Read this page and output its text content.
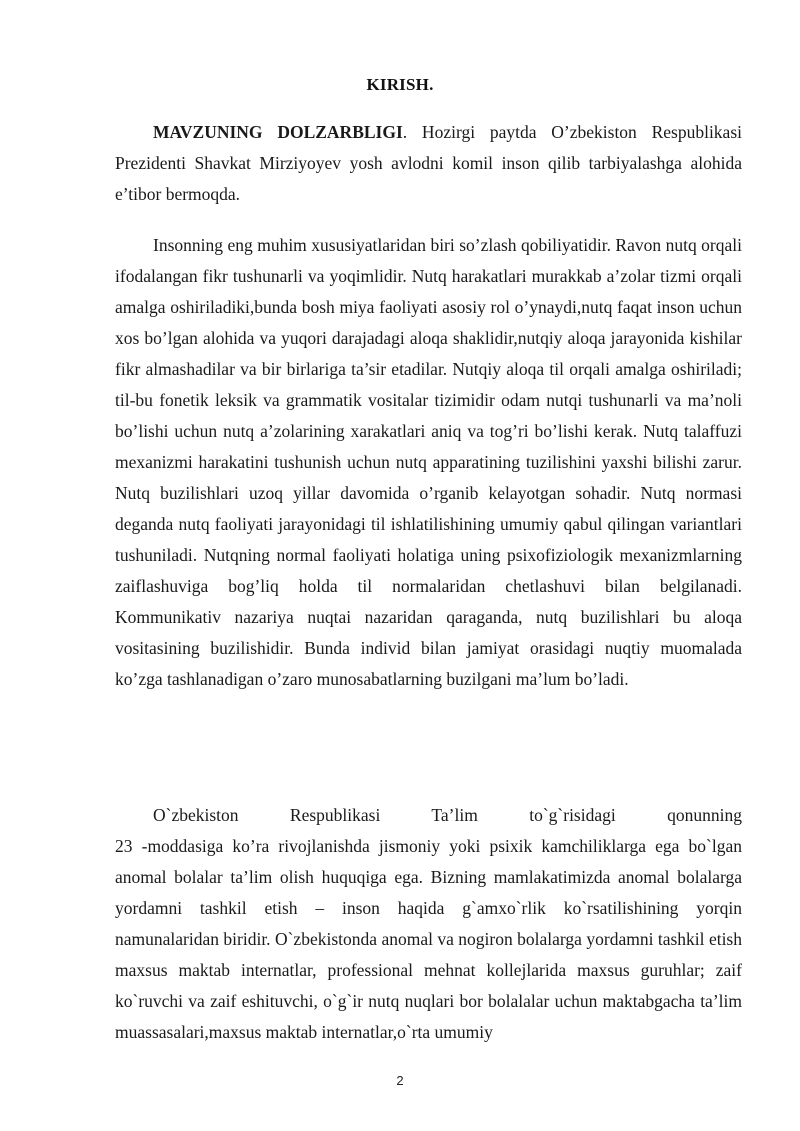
KIRISH.

MAVZUNING DOLZARBLIGI. Hozirgi paytda O’zbekiston Respublikasi Prezidenti Shavkat Mirziyoyev yosh avlodni komil inson qilib tarbiyalashga alohida e’tibor bermoqda.

Insonning eng muhim xususiyatlaridan biri so’zlash qobiliyatidir. Ravon nutq orqali ifodalangan fikr tushunarli va yoqimlidir. Nutq harakatlari murakkab a’zolar tizmi orqali amalga oshiriladiki,bunda bosh miya faoliyati asosiy rol o’ynaydi,nutq faqat inson uchun xos bo’lgan alohida va yuqori darajadagi aloqa shaklidir,nutqiy aloqa jarayonida kishilar fikr almashadilar va bir birlariga ta’sir etadilar. Nutqiy aloqa til orqali amalga oshiriladi; til-bu fonetik leksik va grammatik vositalar tizimidir odam nutqi tushunarli va ma’noli bo’lishi uchun nutq a’zolarining xarakatlari aniq va tog’ri bo’lishi kerak. Nutq talaffuzi mexanizmi harakatini tushunish uchun nutq apparatining tuzilishini yaxshi bilishi zarur. Nutq buzilishlari uzoq yillar davomida o’rganib kelayotgan sohadir. Nutq normasi deganda nutq faoliyati jarayonidagi til ishlatilishining umumiy qabul qilingan variantlari tushuniladi. Nutqning normal faoliyati holatiga uning psixofiziologik mexanizmlarning zaiflashuviga bog’liq holda til normalaridan chetlashuvi bilan belgilanadi. Kommunikativ nazariya nuqtai nazaridan qaraganda, nutq buzilishlari bu aloqa vositasining buzilishidir. Bunda individ bilan jamiyat orasidagi nuqtiy muomalada ko’zga tashlanadigan o’zaro munosabatlarning buzilgani ma’lum bo’ladi.

O`zbekiston Respublikasi Ta’lim to`g`risidagi qonunning
23 -moddasiga ko’ra rivojlanishda jismoniy yoki psixik kamchiliklarga ega bo`lgan anomal bolalar ta’lim olish huquqiga ega. Bizning mamlakatimizda anomal bolalarga yordamni tashkil etish – inson haqida g`amxo`rlik ko`rsatilishining yorqin namunalaridan biridir. O`zbekistonda anomal va nogiron bolalarga yordamni tashkil etish maxsus maktab internatlar, professional mehnat kollejlarida maxsus guruhlar; zaif ko`ruvchi va zaif eshituvchi, o`g`ir nutq nuqlari bor bolalalar uchun maktabgacha ta’lim muassasalari,maxsus maktab internatlar,o`rta umumiy

2
